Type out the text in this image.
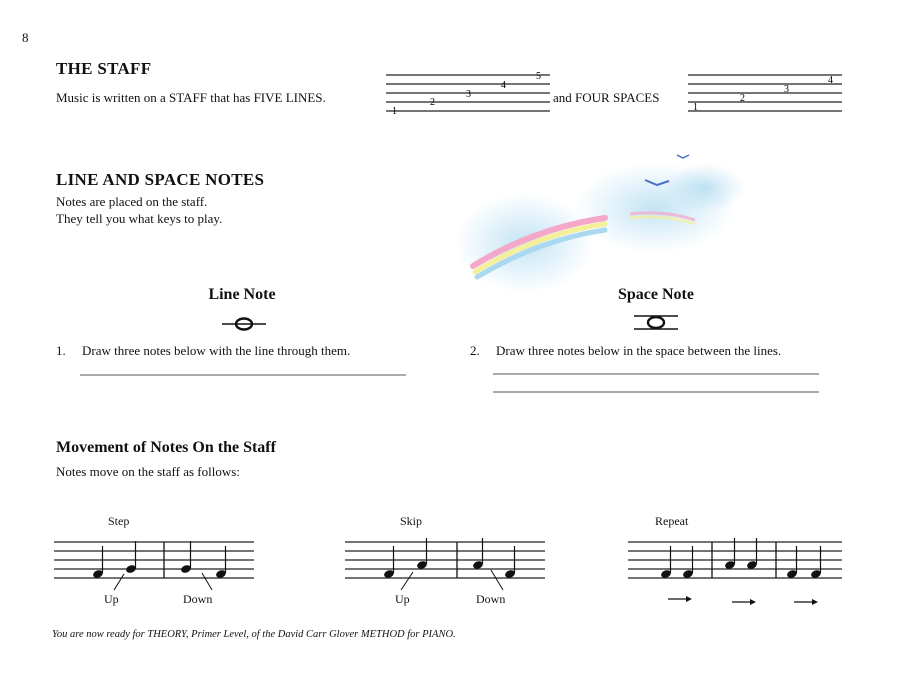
8
THE STAFF
Music is written on a STAFF that has FIVE LINES.
1
2
3
4
5
and FOUR SPACES
1
2
3
4
LINE AND SPACE NOTES
Notes are placed on the staff.
They tell you what keys to play.
Line Note
1. Draw three notes below with the line through them.
Space Note
2. Draw three notes below in the space between the lines.
Movement of Notes On the Staff
Notes move on the staff as follows:
Step
Up	Down
Skip
Up	Down
Repeat
You are now ready for THEORY, Primer Level, of the David Carr Glover METHOD for PIANO.
